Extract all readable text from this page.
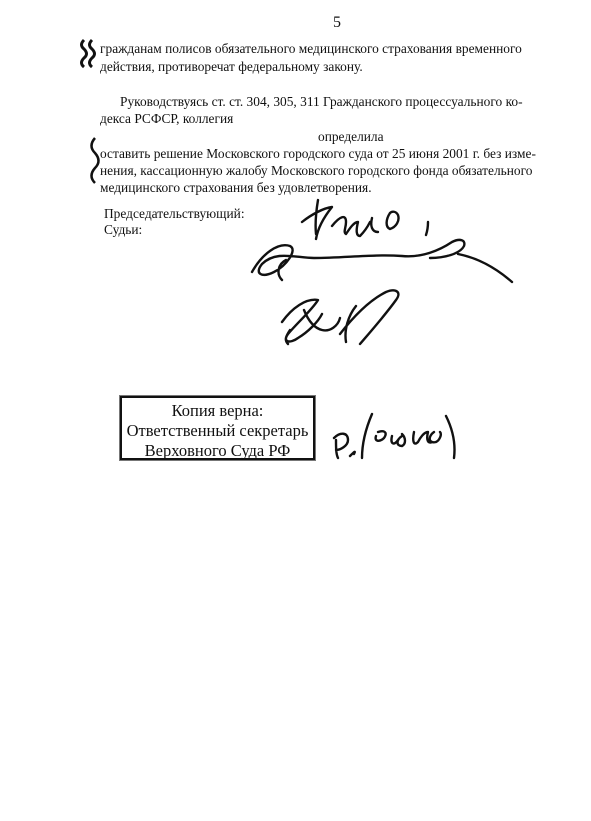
5
гражданам полисов обязательного медицинского страхования временного
действия, противоречат федеральному закону.
Руководствуясь ст. ст. 304, 305, 311 Гражданского процессуального ко-
декса РСФСР, коллегия
определила
оставить решение Московского городского суда от 25 июня 2001 г. без изме-
нения, кассационную жалобу Московского городского фонда обязательного
медицинского страхования без удовлетворения.
Председательствующий:
Судьи:
Копия верна:
Ответственный секретарь
Верховного Суда РФ
